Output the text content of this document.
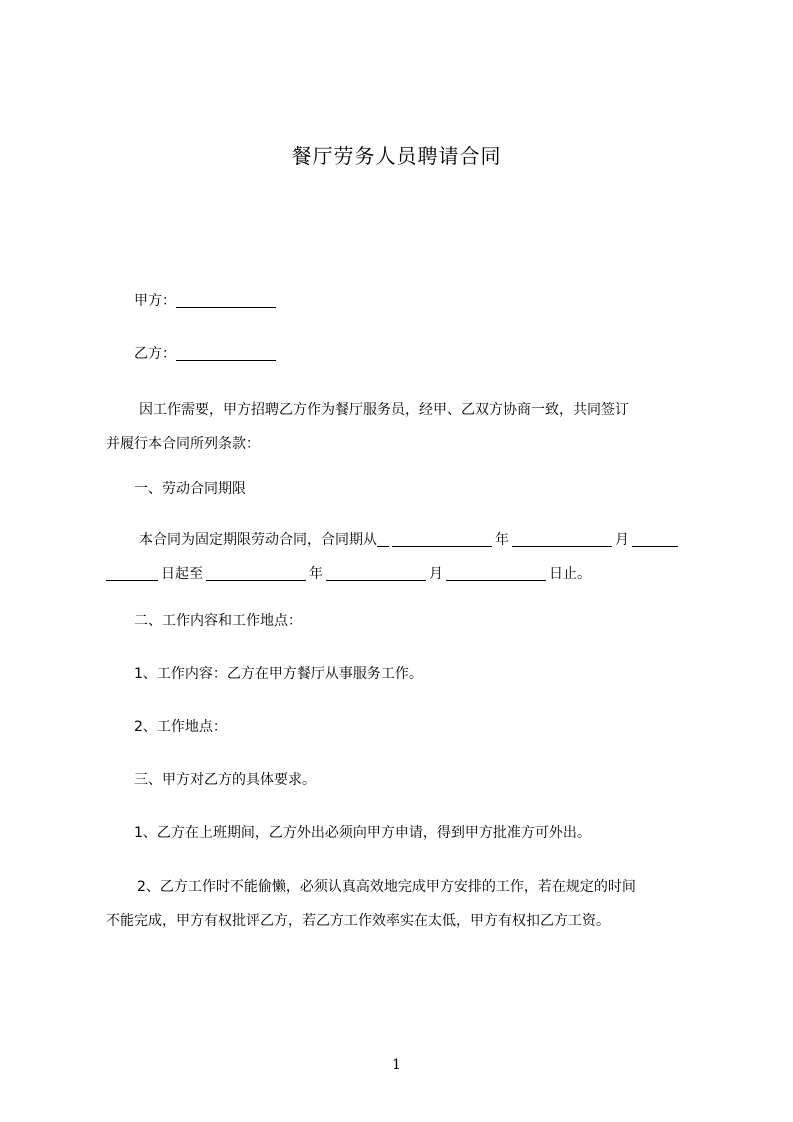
餐厅劳务人员聘请合同
甲方：
乙方：
因工作需要，甲方招聘乙方作为餐厅服务员，经甲、乙双方协商一致，共同签订
并履行本合同所列条款：
一、劳动合同期限
本合同为固定期限劳动合同，合同期从	年	月
日起至	年	月	日止。
二、工作内容和工作地点：
1、工作内容：乙方在甲方餐厅从事服务工作。
2、工作地点：
三、甲方对乙方的具体要求。
1、乙方在上班期间，乙方外出必须向甲方申请，得到甲方批准方可外出。
2、乙方工作时不能偷懒，必须认真高效地完成甲方安排的工作，若在规定的时间
不能完成，甲方有权批评乙方，若乙方工作效率实在太低，甲方有权扣乙方工资。
1
